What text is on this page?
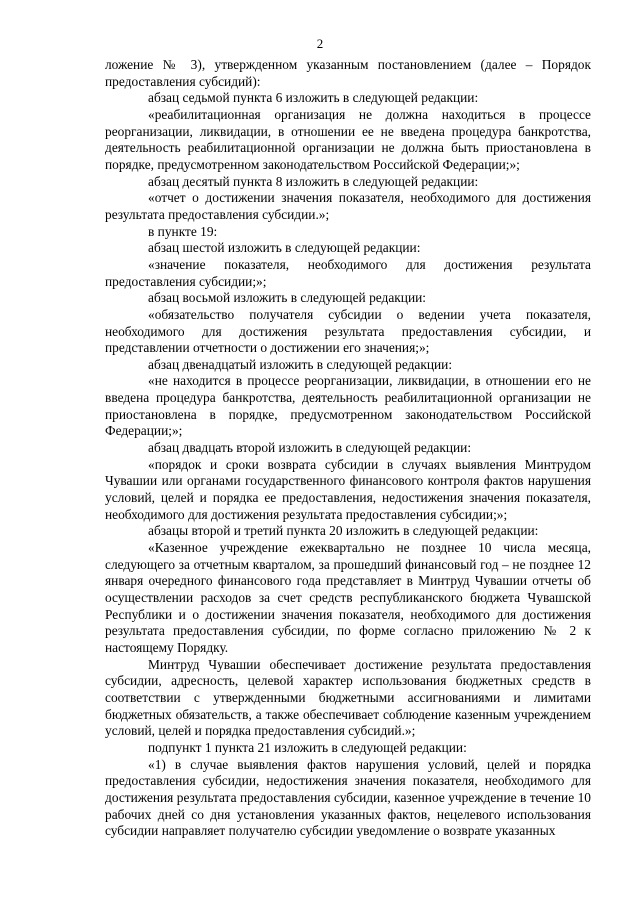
2

ложение № 3), утвержденном указанным постановлением (далее – Порядок предоставления субсидий):

абзац седьмой пункта 6 изложить в следующей редакции:

«реабилитационная организация не должна находиться в процессе реорганизации, ликвидации, в отношении ее не введена процедура банкротства, деятельность реабилитационной организации не должна быть приостановлена в порядке, предусмотренном законодательством Российской Федерации;»;

абзац десятый пункта 8 изложить в следующей редакции:

«отчет о достижении значения показателя, необходимого для достижения результата предоставления субсидии.»;

в пункте 19:

абзац шестой изложить в следующей редакции:

«значение показателя, необходимого для достижения результата предоставления субсидии;»;

абзац восьмой изложить в следующей редакции:

«обязательство получателя субсидии о ведении учета показателя, необходимого для достижения результата предоставления субсидии, и представлении отчетности о достижении его значения;»;

абзац двенадцатый изложить в следующей редакции:

«не находится в процессе реорганизации, ликвидации, в отношении его не введена процедура банкротства, деятельность реабилитационной организации не приостановлена в порядке, предусмотренном законодательством Российской Федерации;»;

абзац двадцать второй изложить в следующей редакции:

«порядок и сроки возврата субсидии в случаях выявления Минтрудом Чувашии или органами государственного финансового контроля фактов нарушения условий, целей и порядка ее предоставления, недостижения значения показателя, необходимого для достижения результата предоставления субсидии;»;

абзацы второй и третий пункта 20 изложить в следующей редакции:

«Казенное учреждение ежеквартально не позднее 10 числа месяца, следующего за отчетным кварталом, за прошедший финансовый год – не позднее 12 января очередного финансового года представляет в Минтруд Чувашии отчеты об осуществлении расходов за счет средств республиканского бюджета Чувашской Республики и о достижении значения показателя, необходимого для достижения результата предоставления субсидии, по форме согласно приложению № 2 к настоящему Порядку.

Минтруд Чувашии обеспечивает достижение результата предоставления субсидии, адресность, целевой характер использования бюджетных средств в соответствии с утвержденными бюджетными ассигнованиями и лимитами бюджетных обязательств, а также обеспечивает соблюдение казенным учреждением условий, целей и порядка предоставления субсидий.»;

подпункт 1 пункта 21 изложить в следующей редакции:

«1) в случае выявления фактов нарушения условий, целей и порядка предоставления субсидии, недостижения значения показателя, необходимого для достижения результата предоставления субсидии, казенное учреждение в течение 10 рабочих дней со дня установления указанных фактов, нецелевого использования субсидии направляет получателю субсидии уведомление о возврате указанных
